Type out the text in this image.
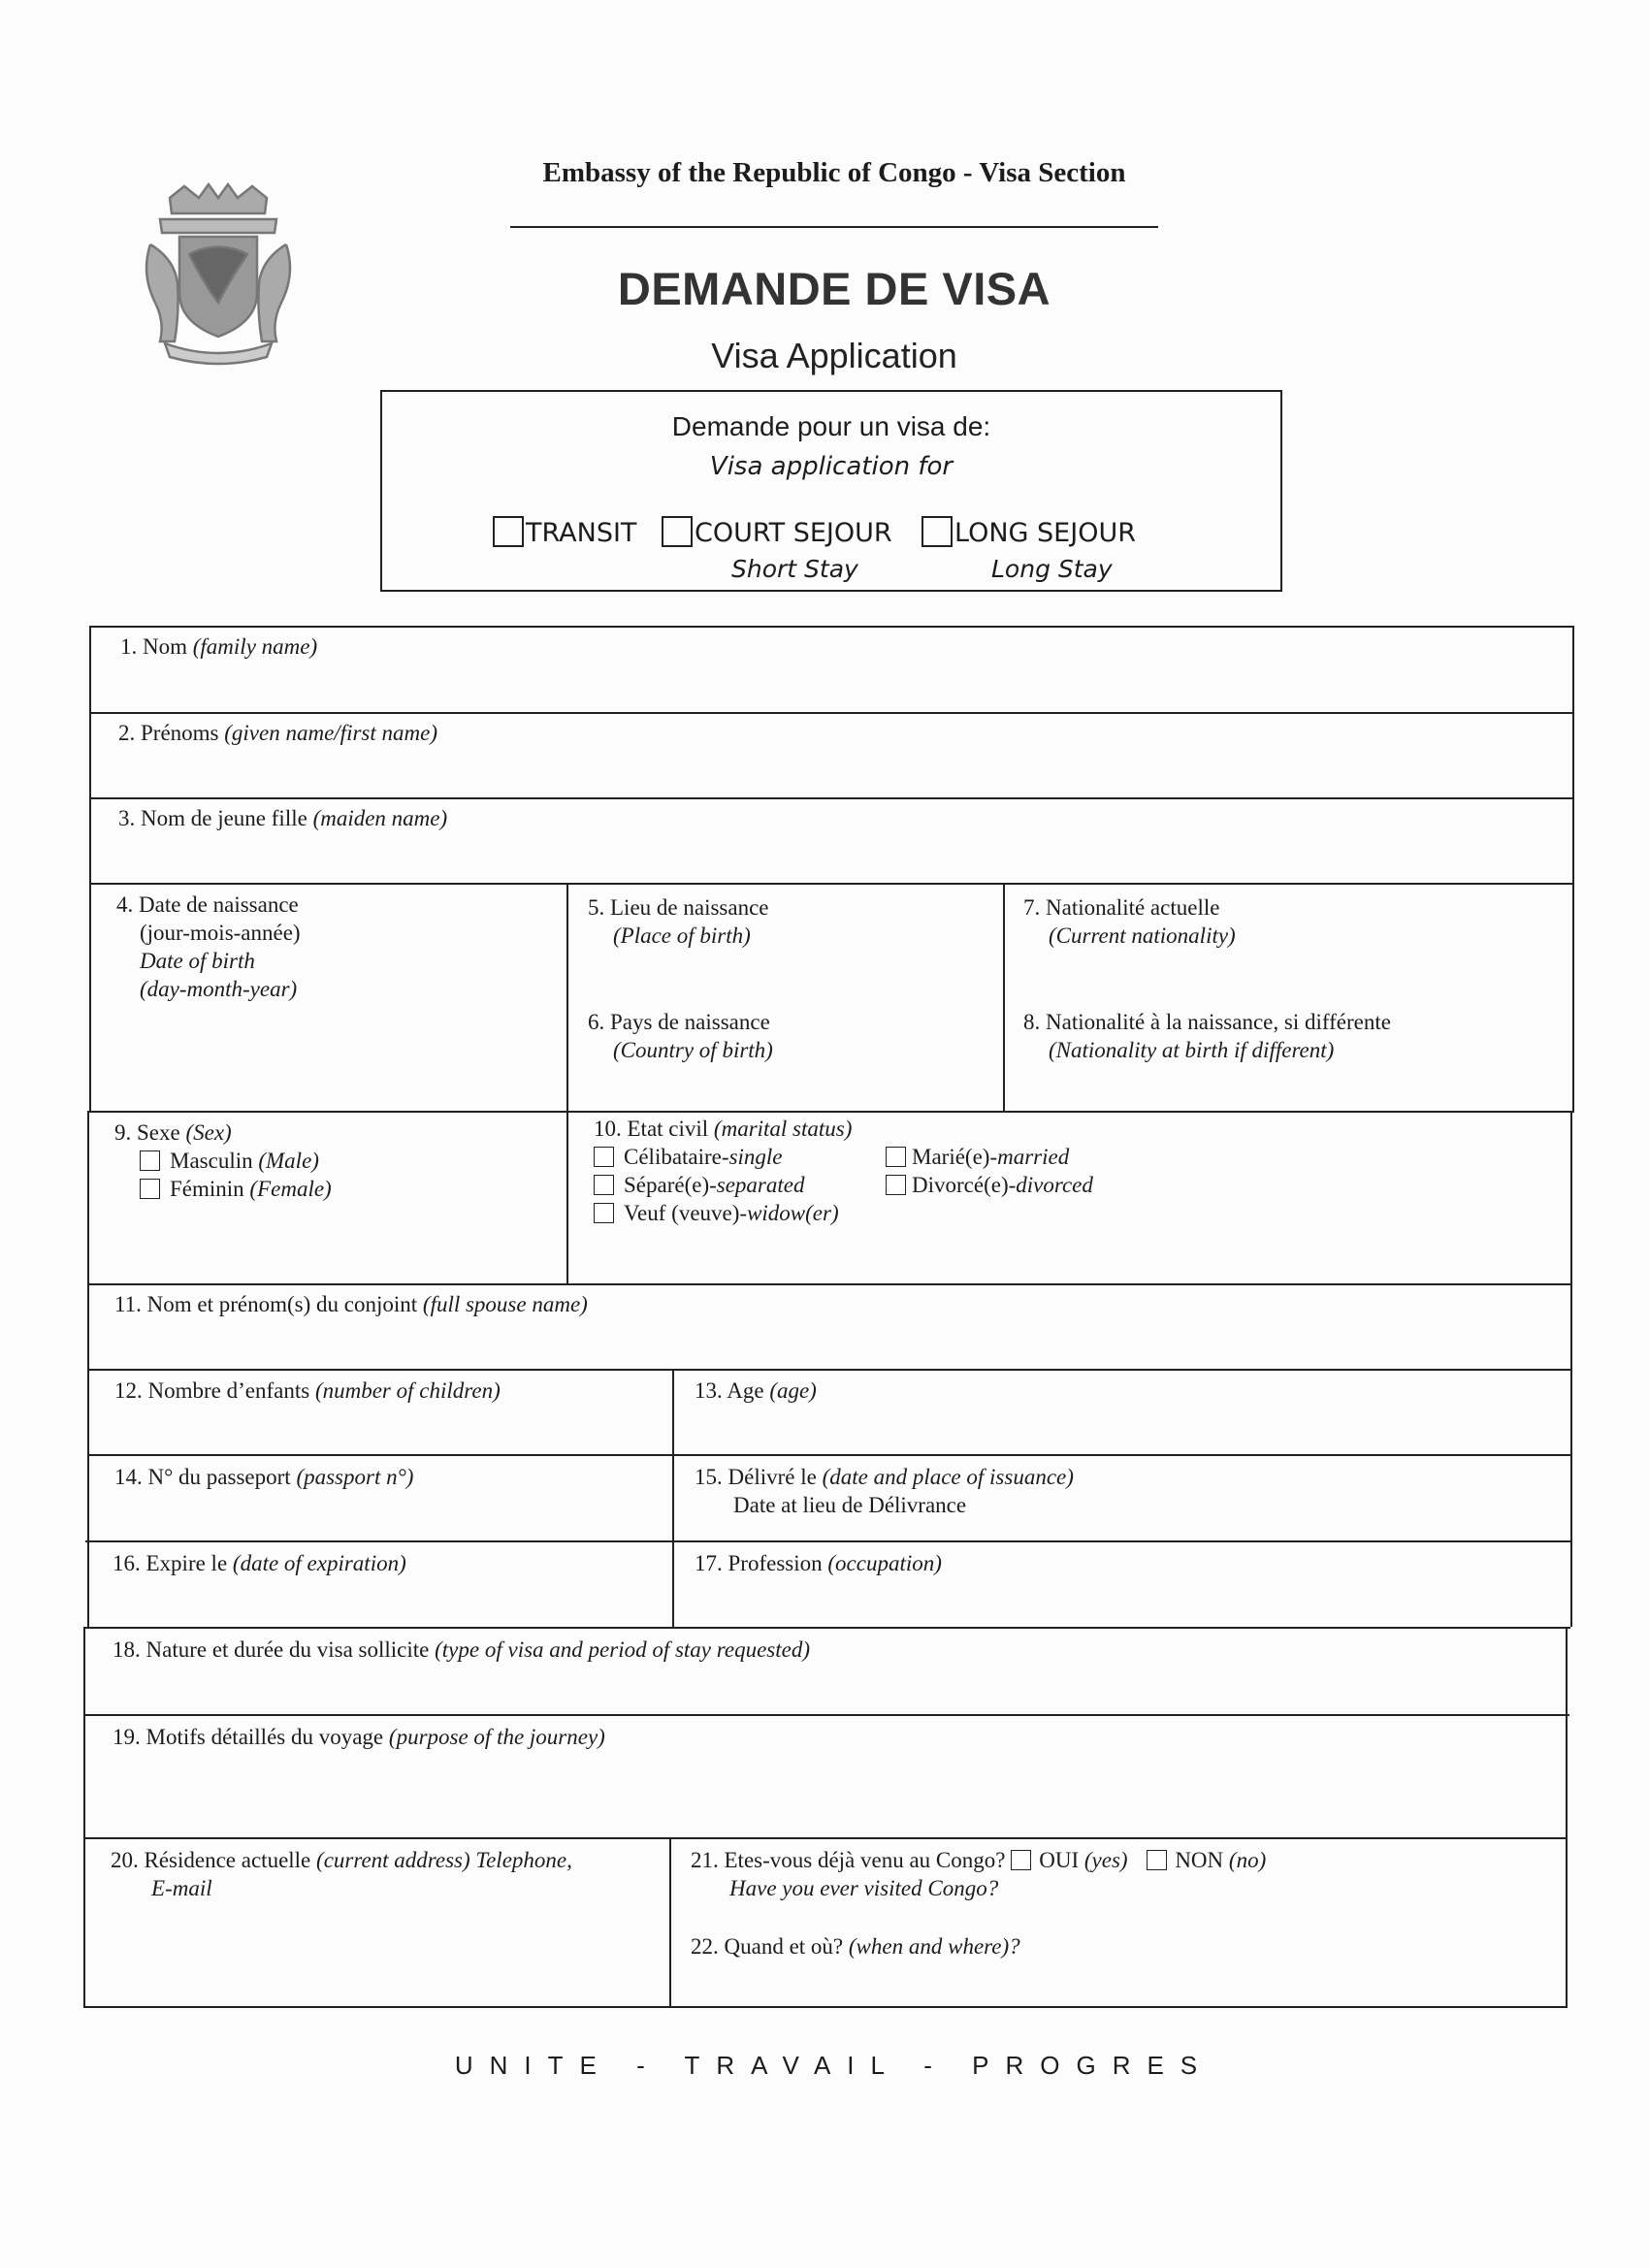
Embassy of the Republic of Congo - Visa Section
DEMANDE DE VISA
Visa Application
Demande pour un visa de:
Visa application for
TRANSIT	COURT SEJOUR
Short Stay
LONG SEJOUR
Long Stay
1. Nom (family name)
2. Prénoms (given name/first name)
3. Nom de jeune fille (maiden name)
4. Date de naissance
(jour-mois-année)
Date of birth
(day-month-year)
5. Lieu de naissance
(Place of birth)
6. Pays de naissance
(Country of birth)
7. Nationalité actuelle
(Current nationality)
8. Nationalité à la naissance, si différente
(Nationality at birth if different)
9. Sexe (Sex)
Masculin (Male)
Féminin (Female)
10. Etat civil (marital status)
Célibataire-single	Marié(e)-married
Séparé(e)-separated	Divorcé(e)-divorced
Veuf (veuve)-widow(er)
11. Nom et prénom(s) du conjoint (full spouse name)
12. Nombre d’enfants (number of children)	13. Age (age)
14. N° du passeport (passport n°)	15. Délivré le (date and place of issuance)
Date at lieu de Délivrance
16. Expire le (date of expiration)	17. Profession (occupation)
18. Nature et durée du visa sollicite (type of visa and period of stay requested)
19. Motifs détaillés du voyage (purpose of the journey)
20. Résidence actuelle (current address) Telephone,
E-mail
21. Etes-vous déjà venu au Congo? OUI (yes) NON (no)
Have you ever visited Congo?
22. Quand et où? (when and where)?
UNITE - TRAVAIL - PROGRES
